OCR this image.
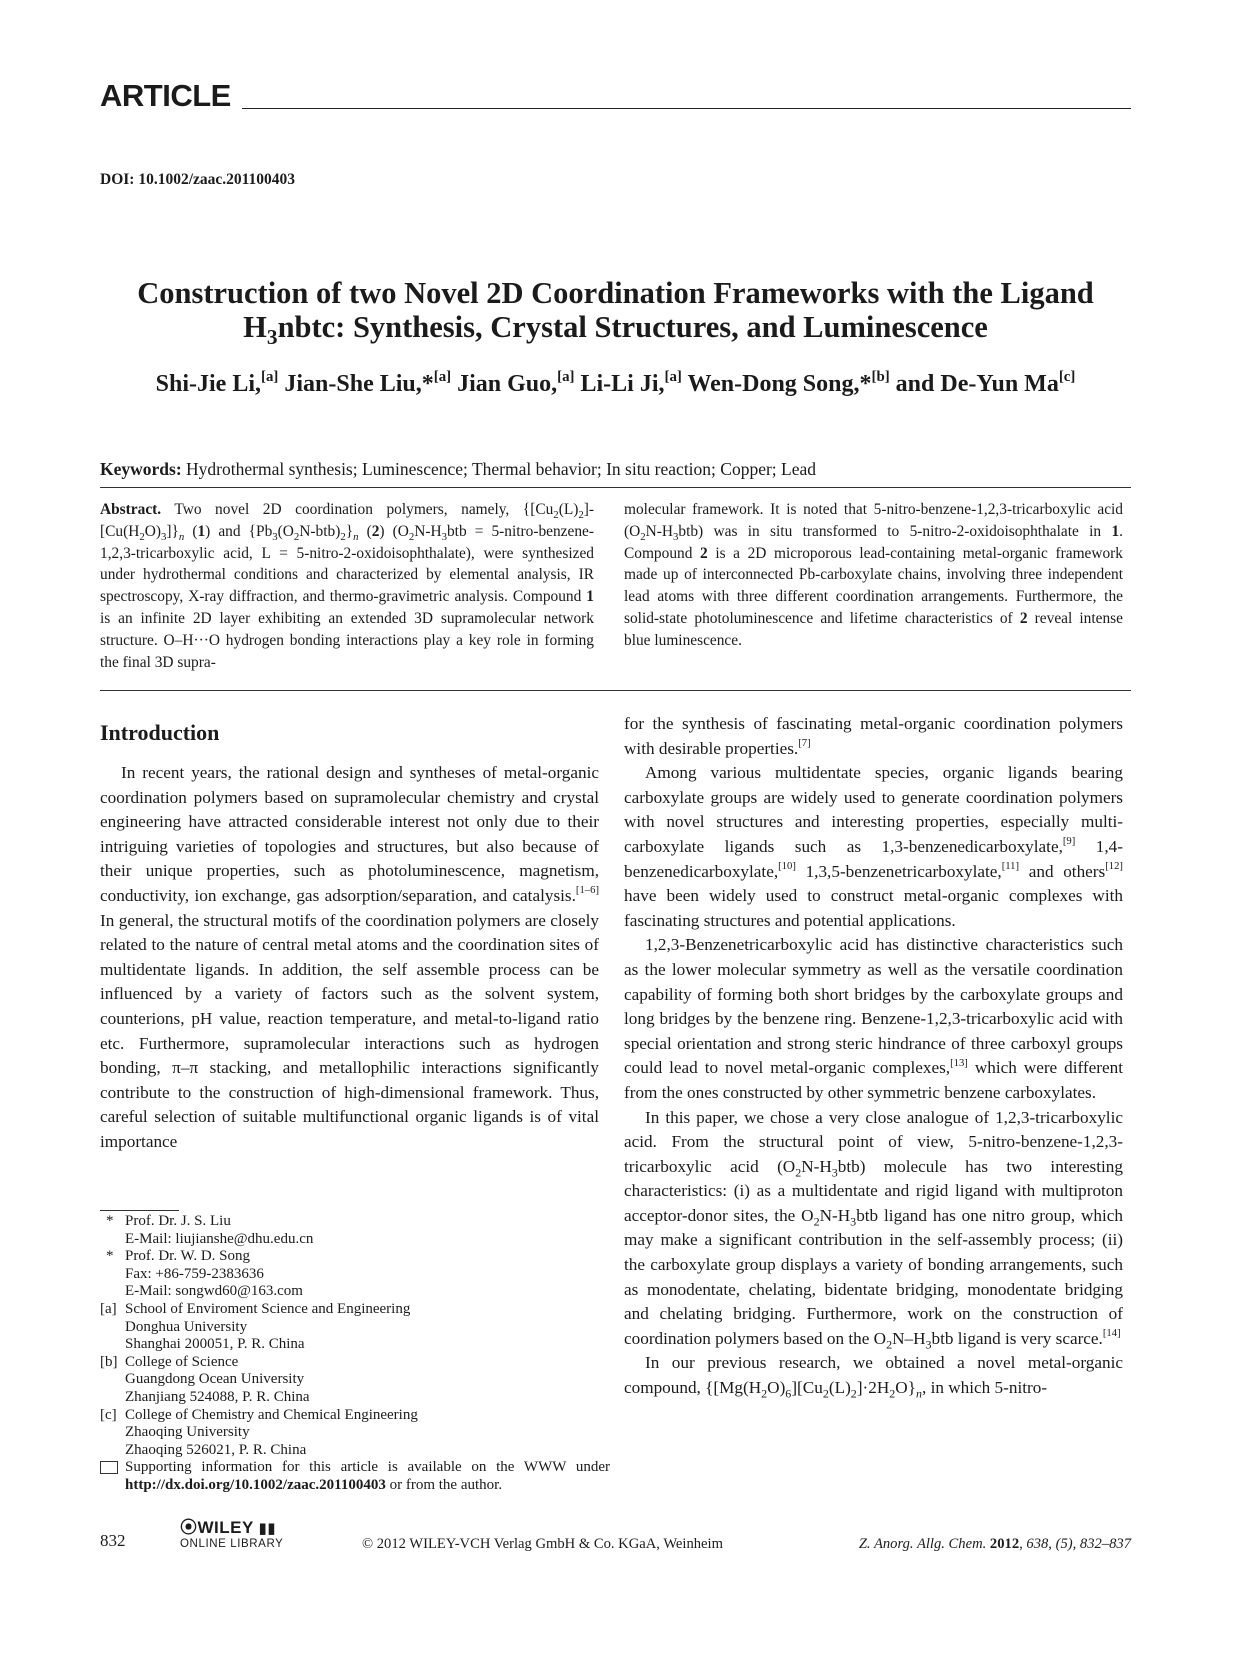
ARTICLE
DOI: 10.1002/zaac.201100403
Construction of two Novel 2D Coordination Frameworks with the Ligand $H_3nbtc$: Synthesis, Crystal Structures, and Luminescence
Shi-Jie Li,[a] Jian-She Liu,*[a] Jian Guo,[a] Li-Li Ji,[a] Wen-Dong Song,*[b] and De-Yun Ma[c]
Keywords: Hydrothermal synthesis; Luminescence; Thermal behavior; In situ reaction; Copper; Lead
Abstract. Two novel 2D coordination polymers, namely, $\{[Cu_2(L)_2]-[Cu(H_2O)_3]\}_n$ (1) and $\{Pb_3(O_2N-btb)_2\}_n$ (2) ($O_2N-H_3btb$ = 5-nitro-benzene-1,2,3-tricarboxylic acid, L = 5-nitro-2-oxidoisophthalate), were synthesized under hydrothermal conditions and characterized by elemental analysis, IR spectroscopy, X-ray diffraction, and thermo-gravimetric analysis. Compound 1 is an infinite 2D layer exhibiting an extended 3D supramolecular network structure. O–H···O hydrogen bonding interactions play a key role in forming the final 3D supra-
molecular framework. It is noted that 5-nitro-benzene-1,2,3-tricarboxylic acid $(O_2N-H_3btb)$ was in situ transformed to 5-nitro-2-oxidoisophthalate in 1. Compound 2 is a 2D microporous lead-containing metal-organic framework made up of interconnected Pb-carboxylate chains, involving three independent lead atoms with three different coordination arrangements. Furthermore, the solid-state photoluminescence and lifetime characteristics of 2 reveal intense blue luminescence.
Introduction

In recent years, the rational design and syntheses of metal-organic coordination polymers based on supramolecular chemistry and crystal engineering have attracted considerable interest not only due to their intriguing varieties of topologies and structures, but also because of their unique properties, such as photoluminescence, magnetism, conductivity, ion exchange, gas adsorption/separation, and catalysis.[1–6] In general, the structural motifs of the coordination polymers are closely related to the nature of central metal atoms and the coordination sites of multidentate ligands. In addition, the self assemble process can be influenced by a variety of factors such as the solvent system, counterions, pH value, reaction temperature, and metal-to-ligand ratio etc. Furthermore, supramolecular interactions such as hydrogen bonding, π–π stacking, and metallophilic interactions significantly contribute to the construction of high-dimensional framework. Thus, careful selection of suitable multifunctional organic ligands is of vital importance

for the synthesis of fascinating metal-organic coordination polymers with desirable properties.[7]

Among various multidentate species, organic ligands bearing carboxylate groups are widely used to generate coordination polymers with novel structures and interesting properties, especially multi-carboxylate ligands such as 1,3-benzenedicarboxylate,[9] 1,4-benzenedicarboxylate,[10] 1,3,5-benzenetricarboxylate,[11] and others[12] have been widely used to construct metal-organic complexes with fascinating structures and potential applications.

1,2,3-Benzenetricarboxylic acid has distinctive characteristics such as the lower molecular symmetry as well as the versatile coordination capability of forming both short bridges by the carboxylate groups and long bridges by the benzene ring. Benzene-1,2,3-tricarboxylic acid with special orientation and strong steric hindrance of three carboxyl groups could lead to novel metal-organic complexes,[13] which were different from the ones constructed by other symmetric benzene carboxylates.

In this paper, we chose a very close analogue of 1,2,3-tricarboxylic acid. From the structural point of view, 5-nitro-benzene-1,2,3-tricarboxylic acid $(O_2N-H_3btb)$ molecule has two interesting characteristics: (i) as a multidentate and rigid ligand with multiproton acceptor-donor sites, the $O_2N-H_3btb$ ligand has one nitro group, which may make a significant contribution in the self-assembly process; (ii) the carboxylate group displays a variety of bonding arrangements, such as monodentate, chelating, bidentate bridging, monodentate bridging and chelating bridging. Furthermore, work on the construction of coordination polymers based on the $O_2N-H_3btb$ ligand is very scarce.[14]

In our previous research, we obtained a novel metal-organic compound, $\{[Mg(H_2O)_6][Cu_2(L)_2]\cdot 2H_2O\}_n$, in which 5-nitro-

* Prof. Dr. J. S. Liu
E-Mail: liujianshe@dhu.edu.cn
* Prof. Dr. W. D. Song
Fax: +86-759-2383636
E-Mail: songwd60@163.com
[a] School of Enviroment Science and Engineering
Donghua University
Shanghai 200051, P. R. China
[b] College of Science
Guangdong Ocean University
Zhanjiang 524088, P. R. China
[c] College of Chemistry and Chemical Engineering
Zhaoqing University
Zhaoqing 526021, P. R. China
Supporting information for this article is available on the WWW under http://dx.doi.org/10.1002/zaac.201100403 or from the author.
832
⦿WILEY ▮▮
ONLINE LIBRARY	© 2012 WILEY-VCH Verlag GmbH & Co. KGaA, Weinheim	Z. Anorg. Allg. Chem. 2012, 638, (5), 832–837
